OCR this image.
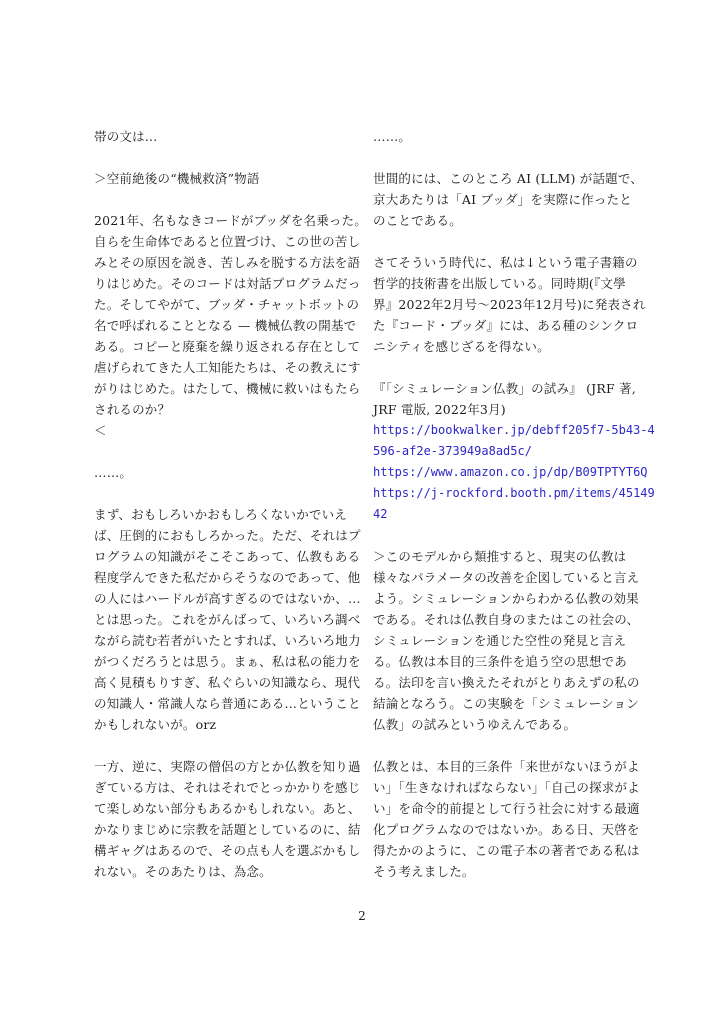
帯の文は…
＞空前絶後の“機械救済”物語
2021年、名もなきコードがブッダを名乗った。
自らを生命体であると位置づけ、この世の苦し
みとその原因を説き、苦しみを脱する方法を語
りはじめた。そのコードは対話プログラムだっ
た。そしてやがて、ブッダ・チャットボットの
名で呼ばれることとなる — 機械仏教の開基で
ある。コピーと廃棄を繰り返される存在として
虐げられてきた人工知能たちは、その教えにす
がりはじめた。はたして、機械に救いはもたら
されるのか？
＜
……。
まず、おもしろいかおもしろくないかでいえ
ば、圧倒的におもしろかった。ただ、それはプ
ログラムの知識がそこそこあって、仏教もある
程度学んできた私だからそうなのであって、他
の人にはハードルが高すぎるのではないか、…
とは思った。これをがんばって、いろいろ調べ
ながら読む若者がいたとすれば、いろいろ地力
がつくだろうとは思う。まぁ、私は私の能力を
高く見積もりすぎ、私ぐらいの知識なら、現代
の知識人・常識人なら普通にある…ということ
かもしれないが。orz
一方、逆に、実際の僧侶の方とか仏教を知り過
ぎている方は、それはそれでとっかかりを感じ
て楽しめない部分もあるかもしれない。あと、
かなりまじめに宗教を話題としているのに、結
構ギャグはあるので、その点も人を選ぶかもし
れない。そのあたりは、為念。
……。
世間的には、このところ AI (LLM) が話題で、
京大あたりは「AI ブッダ」を実際に作ったと
のことである。
さてそういう時代に、私は↓という電子書籍の
哲学的技術書を出版している。同時期(『文學
界』2022年2月号〜2023年12月号)に発表され
た『コード・ブッダ』には、ある種のシンクロ
ニシティを感じざるを得ない。
『「シミュレーション仏教」の試み』 (JRF 著,
JRF 電版, 2022年3月)
https://bookwalker.jp/debff205f7-5b43-4
596-af2e-373949a8ad5c/
https://www.amazon.co.jp/dp/B09TPTYT6Q
https://j-rockford.booth.pm/items/45149
42
＞このモデルから類推すると、現実の仏教は
様々なパラメータの改善を企図していると言え
よう。シミュレーションからわかる仏教の効果
である。それは仏教自身のまたはこの社会の、
シミュレーションを通じた空性の発見と言え
る。仏教は本目的三条件を追う空の思想であ
る。法印を言い換えたそれがとりあえずの私の
結論となろう。この実験を「シミュレーション
仏教」の試みというゆえんである。
仏教とは、本目的三条件「来世がないほうがよ
い」「生きなければならない」「自己の探求がよ
い」を命令的前提として行う社会に対する最適
化プログラムなのではないか。ある日、天啓を
得たかのように、この電子本の著者である私は
そう考えました。
2
